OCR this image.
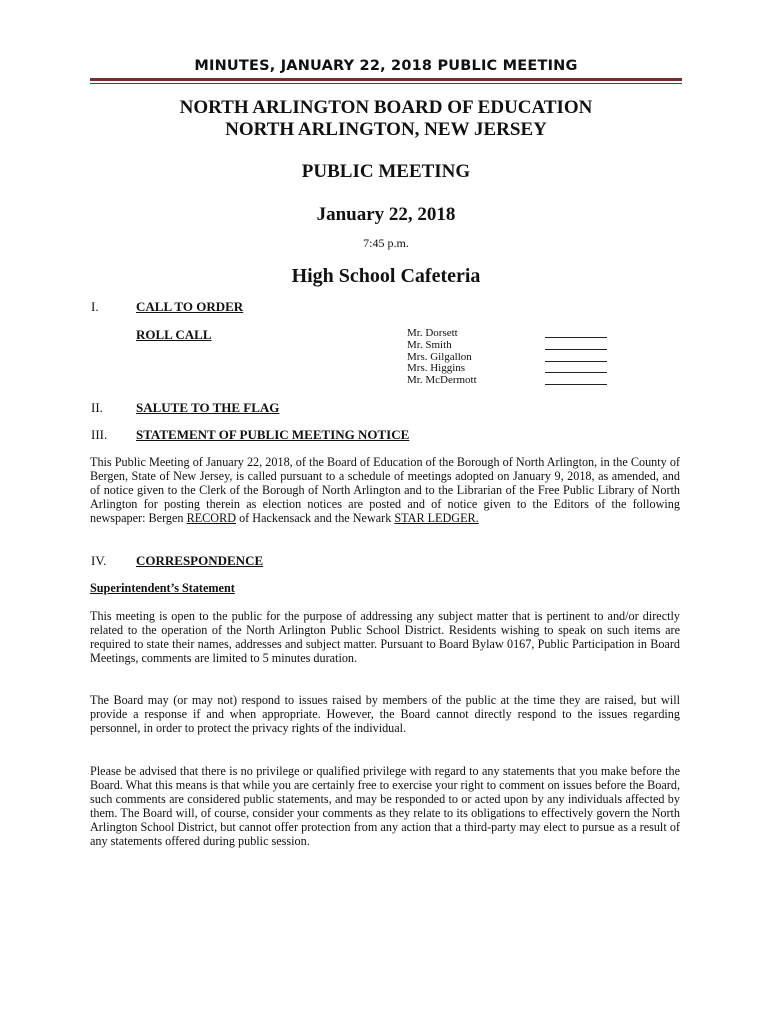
MINUTES, JANUARY 22, 2018 PUBLIC MEETING
NORTH ARLINGTON BOARD OF EDUCATION
NORTH ARLINGTON, NEW JERSEY
PUBLIC MEETING
January 22, 2018
7:45 p.m.
High School Cafeteria
I.	CALL TO ORDER
ROLL CALL	Mr. Dorsett
Mr. Smith
Mrs. Gilgallon
Mrs. Higgins
Mr. McDermott
II.	SALUTE TO THE FLAG
III. STATEMENT OF PUBLIC MEETING NOTICE
This Public Meeting of January 22, 2018, of the Board of Education of the Borough of North Arlington, in the County of Bergen, State of New Jersey, is called pursuant to a schedule of meetings adopted on January 9, 2018, as amended, and of notice given to the Clerk of the Borough of North Arlington and to the Librarian of the Free Public Library of North Arlington for posting therein as election notices are posted and of notice given to the Editors of the following newspaper: Bergen RECORD of Hackensack and the Newark STAR LEDGER.
IV. CORRESPONDENCE
Superintendent’s Statement
This meeting is open to the public for the purpose of addressing any subject matter that is pertinent to and/or directly related to the operation of the North Arlington Public School District. Residents wishing to speak on such items are required to state their names, addresses and subject matter. Pursuant to Board Bylaw 0167, Public Participation in Board Meetings, comments are limited to 5 minutes duration.
The Board may (or may not) respond to issues raised by members of the public at the time they are raised, but will provide a response if and when appropriate. However, the Board cannot directly respond to the issues regarding personnel, in order to protect the privacy rights of the individual.
Please be advised that there is no privilege or qualified privilege with regard to any statements that you make before the Board. What this means is that while you are certainly free to exercise your right to comment on issues before the Board, such comments are considered public statements, and may be responded to or acted upon by any individuals affected by them. The Board will, of course, consider your comments as they relate to its obligations to effectively govern the North Arlington School District, but cannot offer protection from any action that a third-party may elect to pursue as a result of any statements offered during public session.
